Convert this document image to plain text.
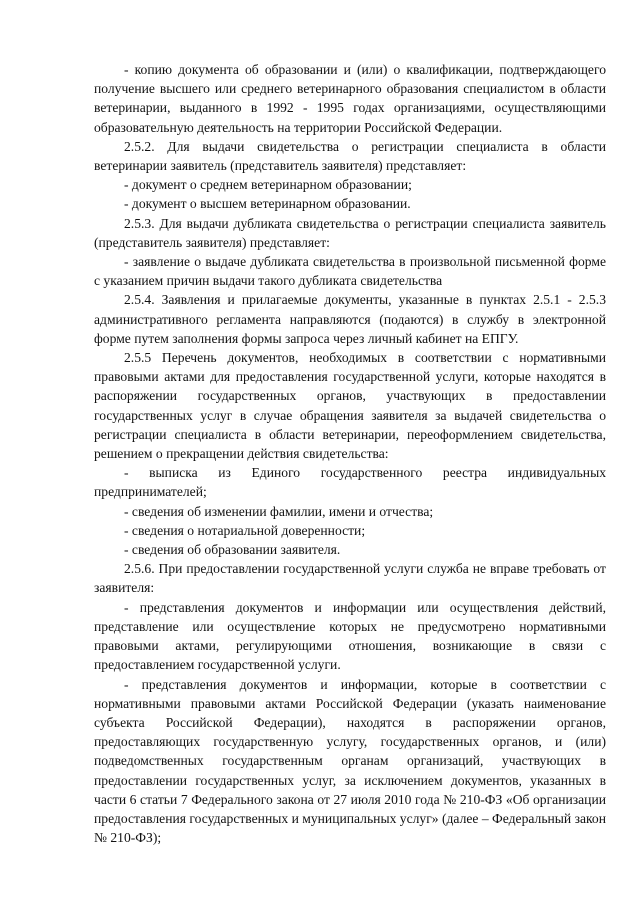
- копию документа об образовании и (или) о квалификации, подтверждающего получение высшего или среднего ветеринарного образования специалистом в области ветеринарии, выданного в 1992 - 1995 годах организациями, осуществляющими образовательную деятельность на территории Российской Федерации.

2.5.2. Для выдачи свидетельства о регистрации специалиста в области ветеринарии заявитель (представитель заявителя) представляет:

- документ о среднем ветеринарном образовании;

- документ о высшем ветеринарном образовании.

2.5.3. Для выдачи дубликата свидетельства о регистрации специалиста заявитель (представитель заявителя) представляет:

- заявление о выдаче дубликата свидетельства в произвольной письменной форме с указанием причин выдачи такого дубликата свидетельства

2.5.4. Заявления и прилагаемые документы, указанные в пунктах 2.5.1 - 2.5.3 административного регламента направляются (подаются) в службу в электронной форме путем заполнения формы запроса через личный кабинет на ЕПГУ.

2.5.5 Перечень документов, необходимых в соответствии с нормативными правовыми актами для предоставления государственной услуги, которые находятся в распоряжении государственных органов, участвующих в предоставлении государственных услуг в случае обращения заявителя за выдачей свидетельства о регистрации специалиста в области ветеринарии, переоформлением свидетельства, решением о прекращении действия свидетельства:

- выписка из Единого государственного реестра индивидуальных предпринимателей;

- сведения об изменении фамилии, имени и отчества;

- сведения о нотариальной доверенности;

- сведения об образовании заявителя.

2.5.6. При предоставлении государственной услуги служба не вправе требовать от заявителя:

- представления документов и информации или осуществления действий, представление или осуществление которых не предусмотрено нормативными правовыми актами, регулирующими отношения, возникающие в связи с предоставлением государственной услуги.

- представления документов и информации, которые в соответствии с нормативными правовыми актами Российской Федерации (указать наименование субъекта Российской Федерации), находятся в распоряжении органов, предоставляющих государственную услугу, государственных органов, и (или) подведомственных государственным органам организаций, участвующих в предоставлении государственных услуг, за исключением документов, указанных в части 6 статьи 7 Федерального закона от 27 июля 2010 года № 210-ФЗ «Об организации предоставления государственных и муниципальных услуг» (далее – Федеральный закон № 210-ФЗ);
